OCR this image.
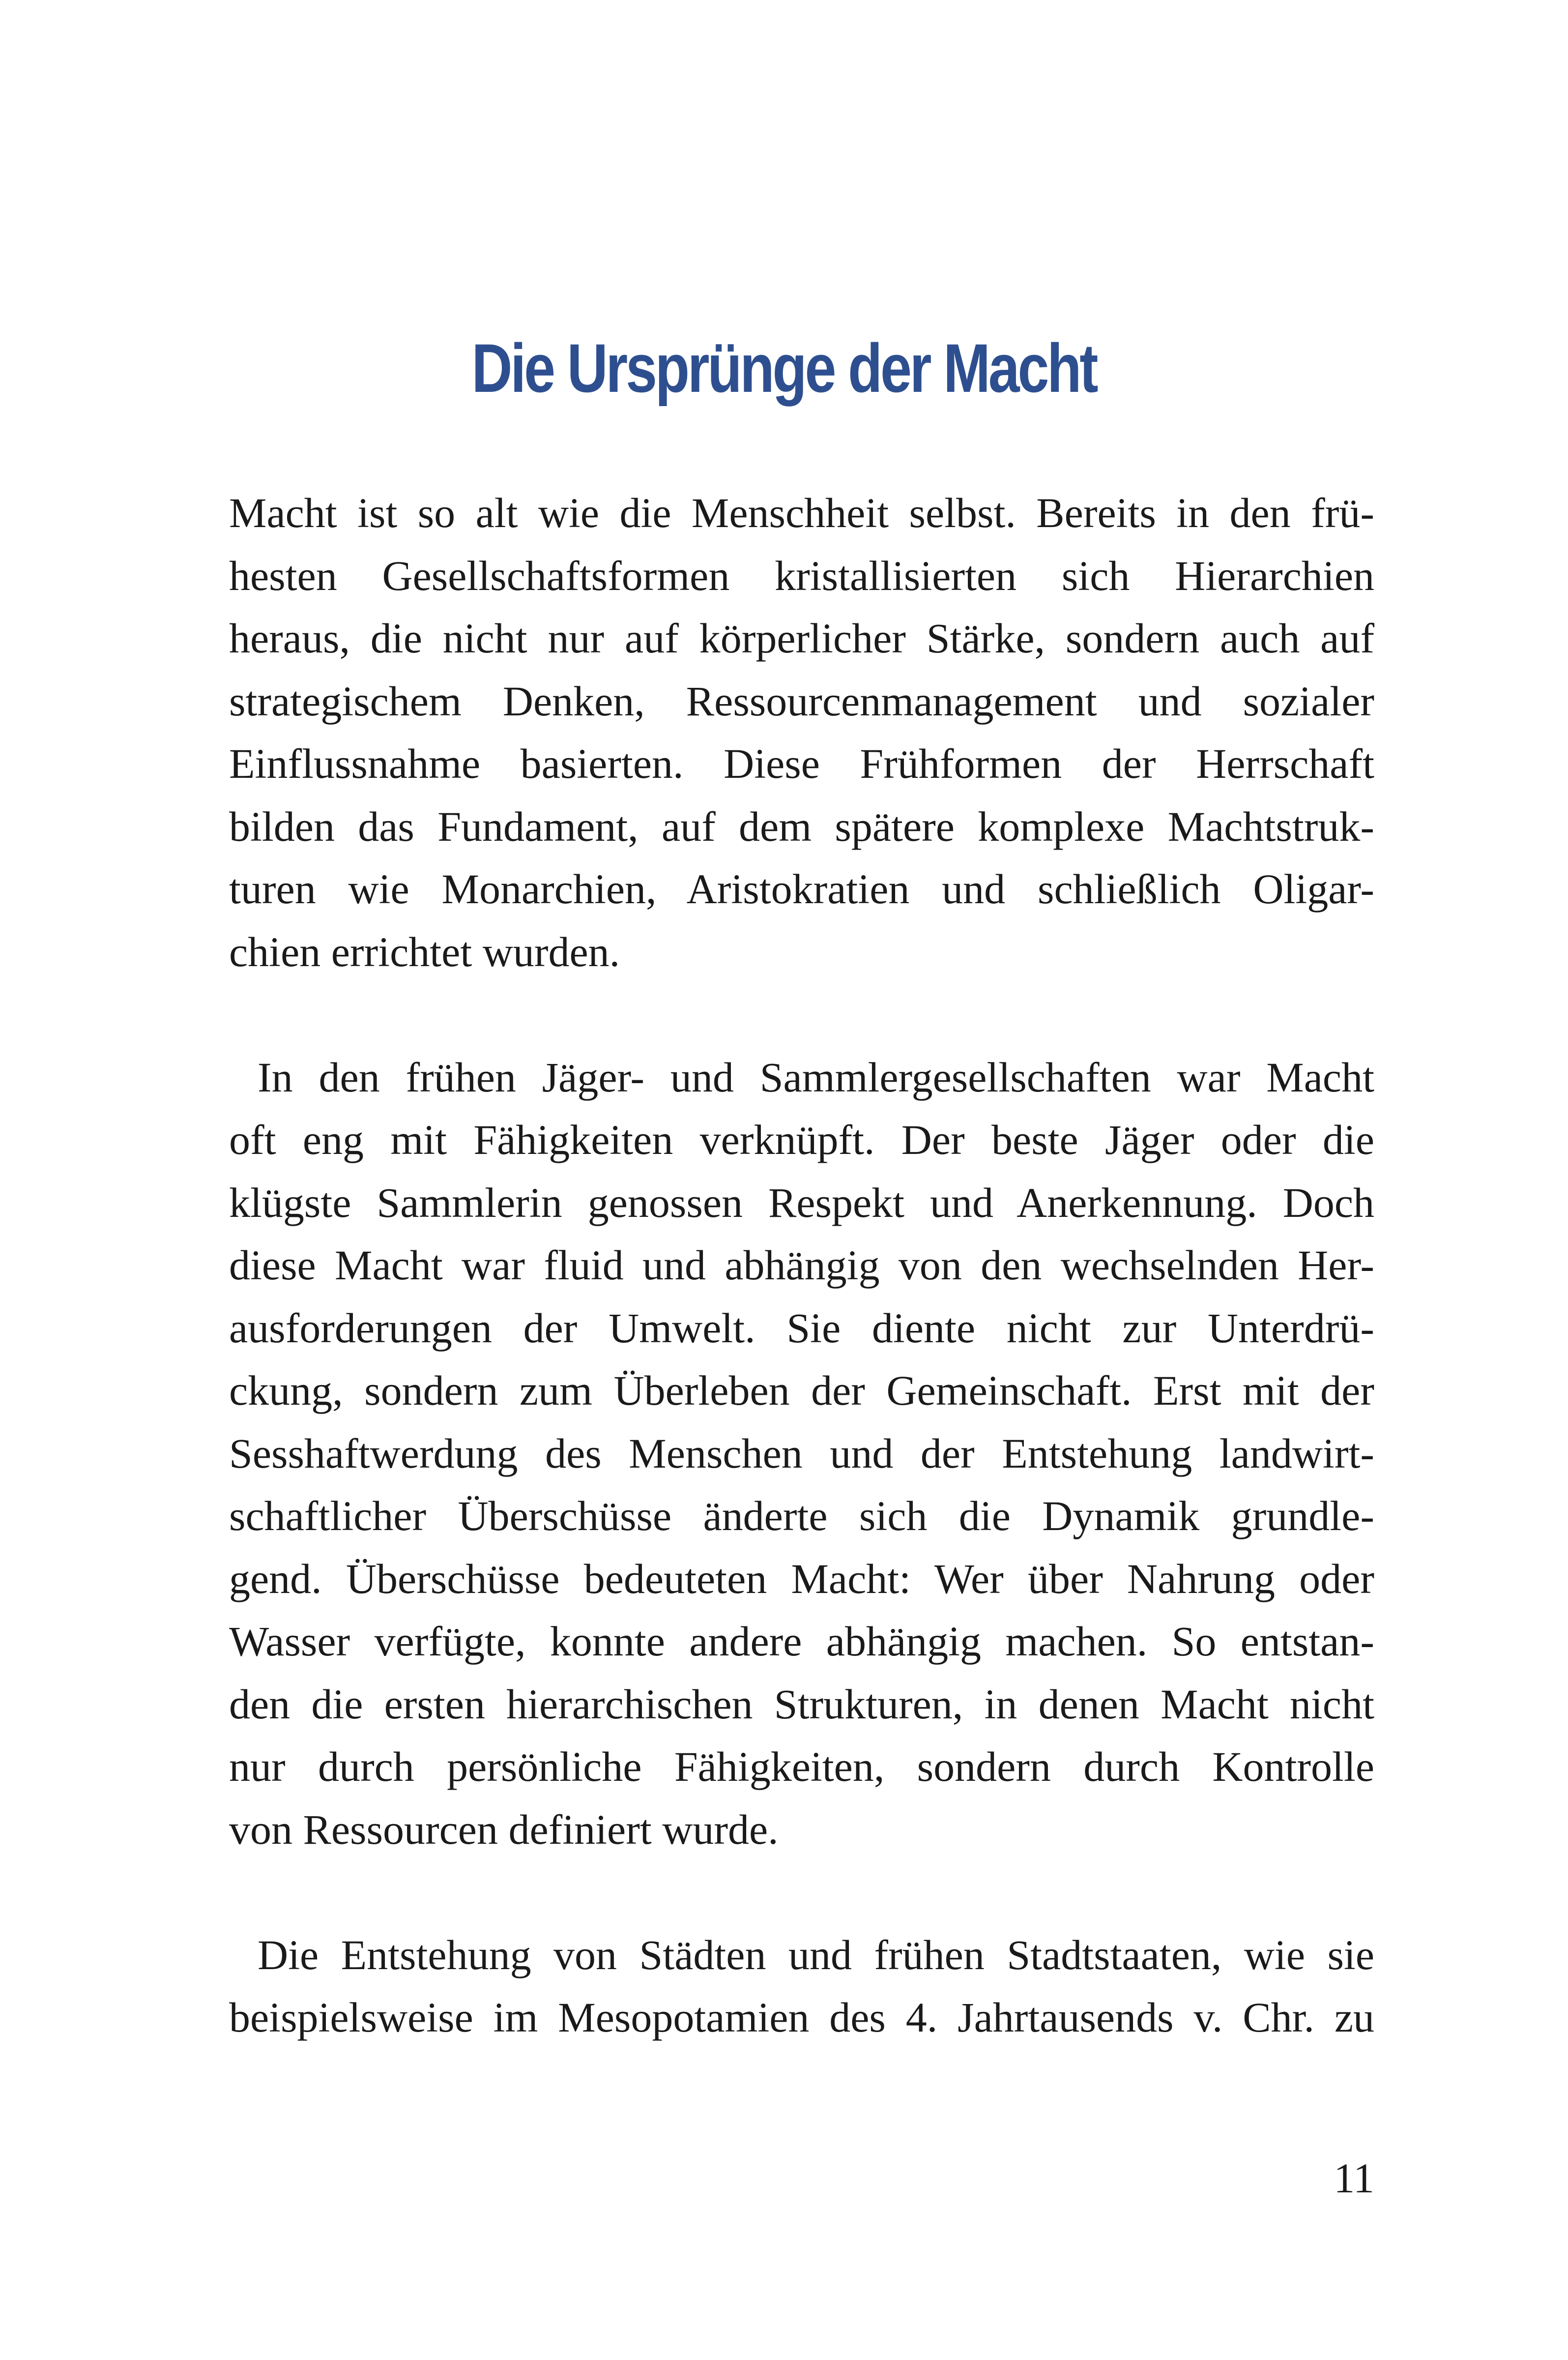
Die Ursprünge der Macht
Macht ist so alt wie die Menschheit selbst. Bereits in den frü-
hesten Gesellschaftsformen kristallisierten sich Hierarchien
heraus, die nicht nur auf körperlicher Stärke, sondern auch auf
strategischem Denken, Ressourcenmanagement und sozialer
Einflussnahme basierten. Diese Frühformen der Herrschaft
bilden das Fundament, auf dem spätere komplexe Machtstruk-
turen wie Monarchien, Aristokratien und schließlich Oligar-
chien errichtet wurden.
In den frühen Jäger- und Sammlergesellschaften war Macht
oft eng mit Fähigkeiten verknüpft. Der beste Jäger oder die
klügste Sammlerin genossen Respekt und Anerkennung. Doch
diese Macht war fluid und abhängig von den wechselnden Her-
ausforderungen der Umwelt. Sie diente nicht zur Unterdrü-
ckung, sondern zum Überleben der Gemeinschaft. Erst mit der
Sesshaftwerdung des Menschen und der Entstehung landwirt-
schaftlicher Überschüsse änderte sich die Dynamik grundle-
gend. Überschüsse bedeuteten Macht: Wer über Nahrung oder
Wasser verfügte, konnte andere abhängig machen. So entstan-
den die ersten hierarchischen Strukturen, in denen Macht nicht
nur durch persönliche Fähigkeiten, sondern durch Kontrolle
von Ressourcen definiert wurde.
Die Entstehung von Städten und frühen Stadtstaaten, wie sie
beispielsweise im Mesopotamien des 4. Jahrtausends v. Chr. zu
11
